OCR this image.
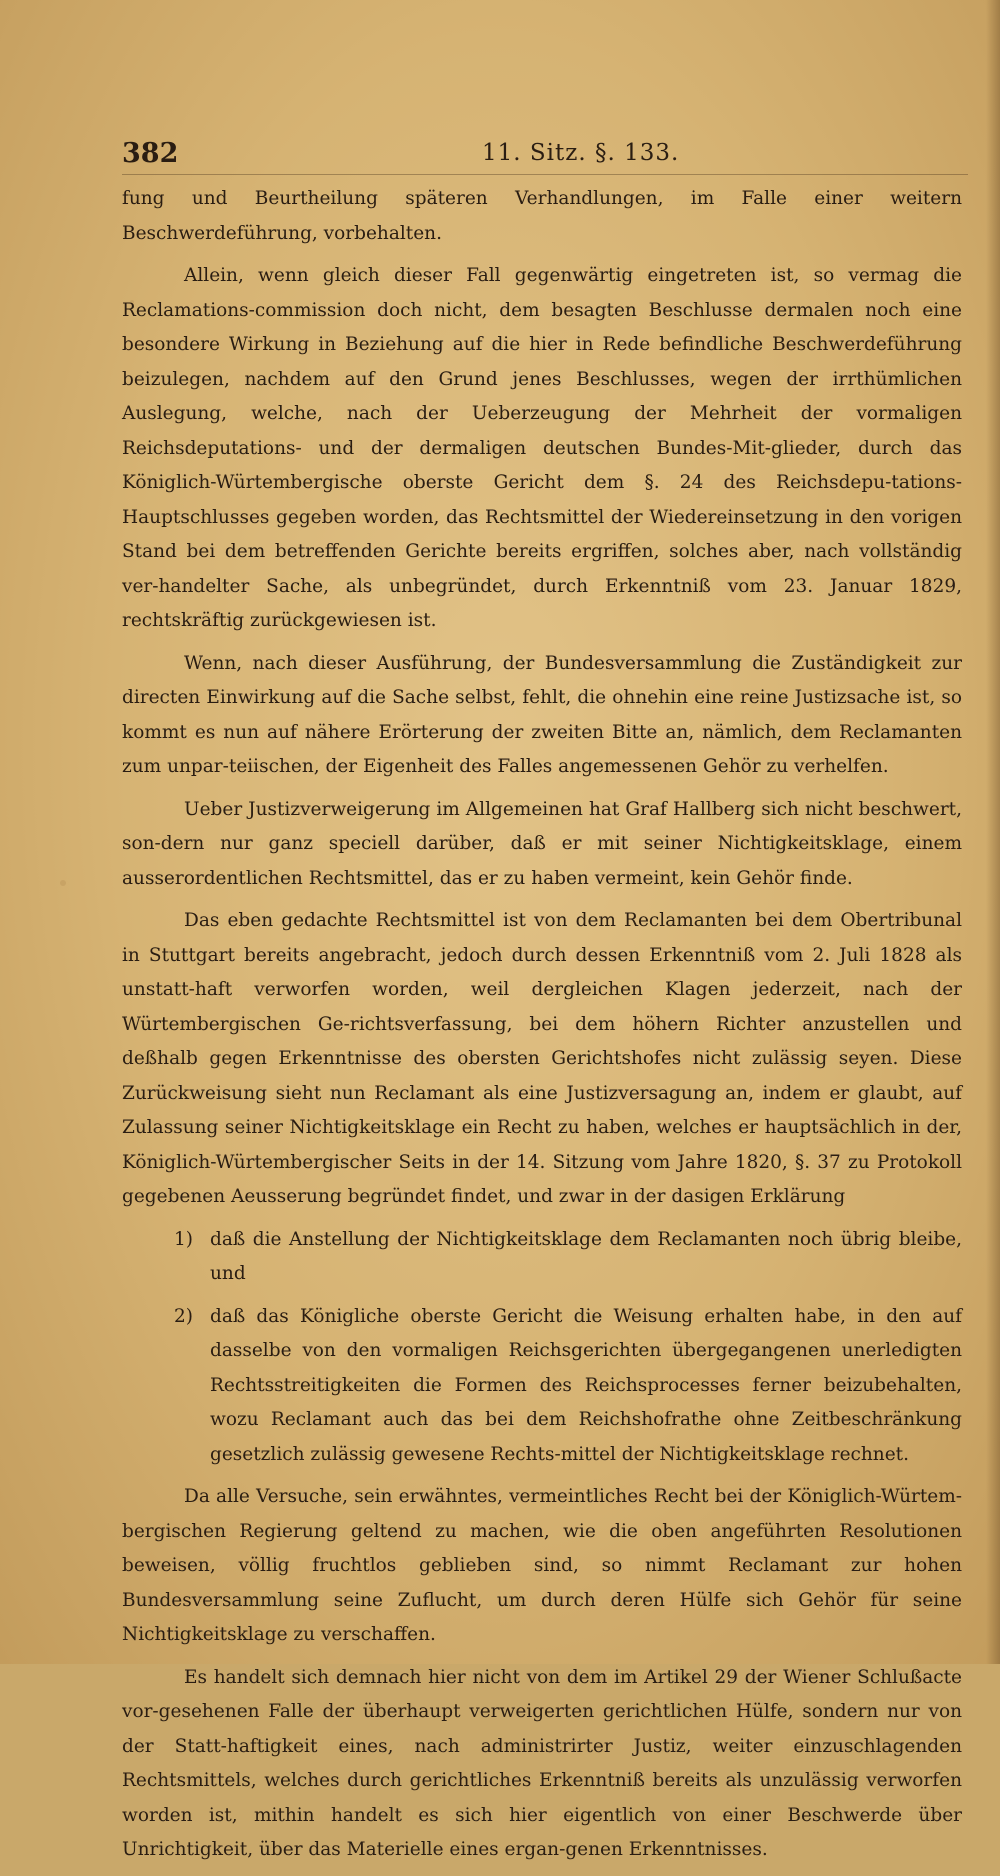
382	11. Sitz. §. 133.

fung und Beurtheilung späteren Verhandlungen, im Falle einer weitern Beschwerdeführung, vorbehalten.

Allein, wenn gleich dieser Fall gegenwärtig eingetreten ist, so vermag die Reclamations-commission doch nicht, dem besagten Beschlusse dermalen noch eine besondere Wirkung in Beziehung auf die hier in Rede befindliche Beschwerdeführung beizulegen, nachdem auf den Grund jenes Beschlusses, wegen der irrthümlichen Auslegung, welche, nach der Ueberzeugung der Mehrheit der vormaligen Reichsdeputations- und der dermaligen deutschen Bundes-Mit-glieder, durch das Königlich-Würtembergische oberste Gericht dem §. 24 des Reichsdepu-tations-Hauptschlusses gegeben worden, das Rechtsmittel der Wiedereinsetzung in den vorigen Stand bei dem betreffenden Gerichte bereits ergriffen, solches aber, nach vollständig ver-handelter Sache, als unbegründet, durch Erkenntniß vom 23. Januar 1829, rechtskräftig zurückgewiesen ist.

Wenn, nach dieser Ausführung, der Bundesversammlung die Zuständigkeit zur directen Einwirkung auf die Sache selbst, fehlt, die ohnehin eine reine Justizsache ist, so kommt es nun auf nähere Erörterung der zweiten Bitte an, nämlich, dem Reclamanten zum unpar-teiischen, der Eigenheit des Falles angemessenen Gehör zu verhelfen.

Ueber Justizverweigerung im Allgemeinen hat Graf Hallberg sich nicht beschwert, son-dern nur ganz speciell darüber, daß er mit seiner Nichtigkeitsklage, einem ausserordentlichen Rechtsmittel, das er zu haben vermeint, kein Gehör finde.

Das eben gedachte Rechtsmittel ist von dem Reclamanten bei dem Obertribunal in Stuttgart bereits angebracht, jedoch durch dessen Erkenntniß vom 2. Juli 1828 als unstatt-haft verworfen worden, weil dergleichen Klagen jederzeit, nach der Würtembergischen Ge-richtsverfassung, bei dem höhern Richter anzustellen und deßhalb gegen Erkenntnisse des obersten Gerichtshofes nicht zulässig seyen. Diese Zurückweisung sieht nun Reclamant als eine Justizversagung an, indem er glaubt, auf Zulassung seiner Nichtigkeitsklage ein Recht zu haben, welches er hauptsächlich in der, Königlich-Würtembergischer Seits in der 14. Sitzung vom Jahre 1820, §. 37 zu Protokoll gegebenen Aeusserung begründet findet, und zwar in der dasigen Erklärung

1) daß die Anstellung der Nichtigkeitsklage dem Reclamanten noch übrig bleibe, und

2) daß das Königliche oberste Gericht die Weisung erhalten habe, in den auf dasselbe von den vormaligen Reichsgerichten übergegangenen unerledigten Rechtsstreitigkeiten die Formen des Reichsprocesses ferner beizubehalten, wozu Reclamant auch das bei dem Reichshofrathe ohne Zeitbeschränkung gesetzlich zulässig gewesene Rechts-mittel der Nichtigkeitsklage rechnet.

Da alle Versuche, sein erwähntes, vermeintliches Recht bei der Königlich-Würtem-bergischen Regierung geltend zu machen, wie die oben angeführten Resolutionen beweisen, völlig fruchtlos geblieben sind, so nimmt Reclamant zur hohen Bundesversammlung seine Zuflucht, um durch deren Hülfe sich Gehör für seine Nichtigkeitsklage zu verschaffen.

Es handelt sich demnach hier nicht von dem im Artikel 29 der Wiener Schlußacte vor-gesehenen Falle der überhaupt verweigerten gerichtlichen Hülfe, sondern nur von der Statt-haftigkeit eines, nach administrirter Justiz, weiter einzuschlagenden Rechtsmittels, welches durch gerichtliches Erkenntniß bereits als unzulässig verworfen worden ist, mithin handelt es sich hier eigentlich von einer Beschwerde über Unrichtigkeit, über das Materielle eines ergan-genen Erkenntnisses.
